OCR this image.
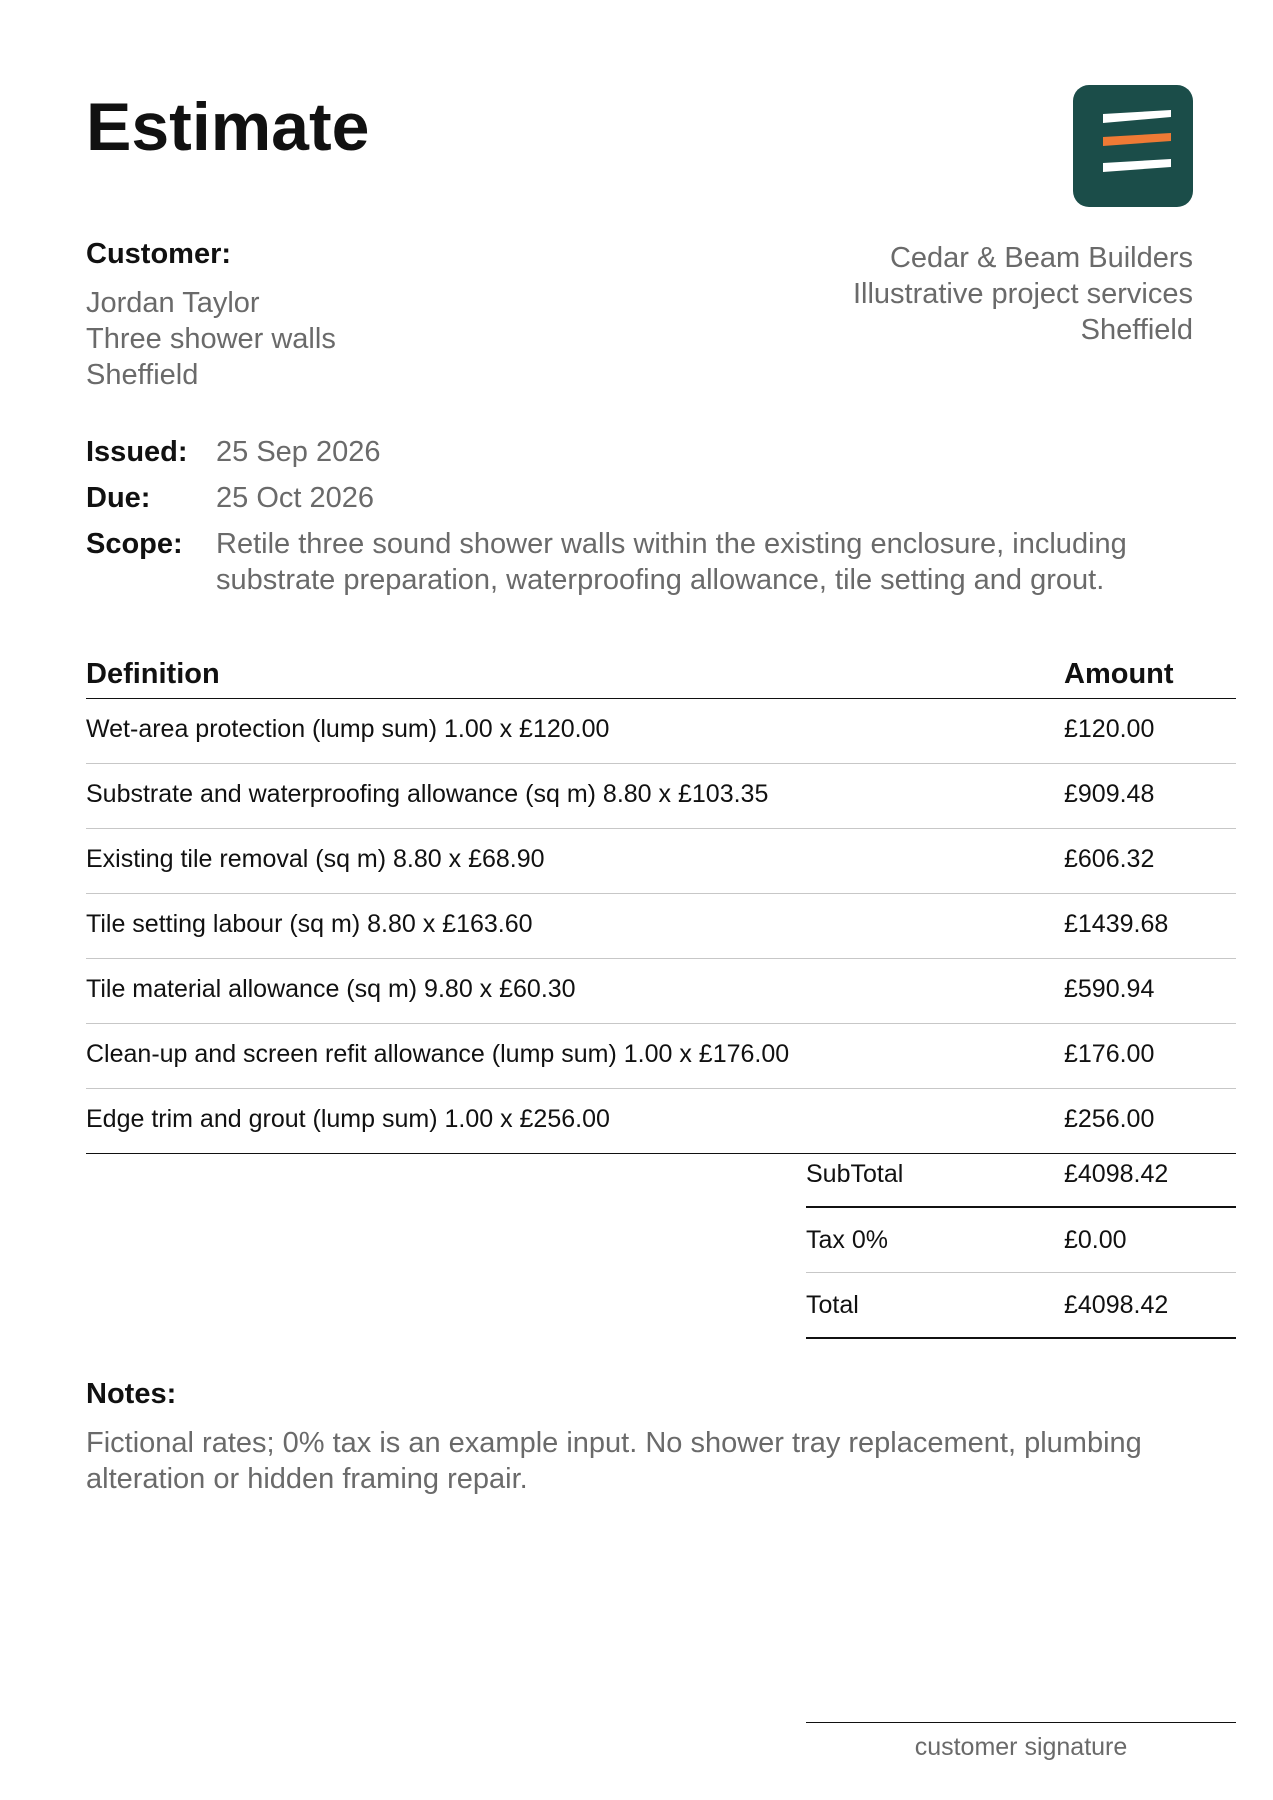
Estimate
Customer:
Jordan Taylor
Three shower walls
Sheffield
Cedar & Beam Builders
Illustrative project services
Sheffield
Issued: 25 Sep 2026
Due:	25 Oct 2026
Scope:	Retile three sound shower walls within the existing enclosure, including substrate preparation, waterproofing allowance, tile setting and grout.
Definition	Amount
Wet-area protection (lump sum) 1.00 x £120.00	£120.00
Substrate and waterproofing allowance (sq m) 8.80 x £103.35	£909.48
Existing tile removal (sq m) 8.80 x £68.90	£606.32
Tile setting labour (sq m) 8.80 x £163.60	£1439.68
Tile material allowance (sq m) 9.80 x £60.30	£590.94
Clean-up and screen refit allowance (lump sum) 1.00 x £176.00	£176.00
Edge trim and grout (lump sum) 1.00 x £256.00	£256.00
SubTotal	£4098.42
Tax 0%	£0.00
Total	£4098.42
Notes:
Fictional rates; 0% tax is an example input. No shower tray replacement, plumbing alteration or hidden framing repair.
customer signature
